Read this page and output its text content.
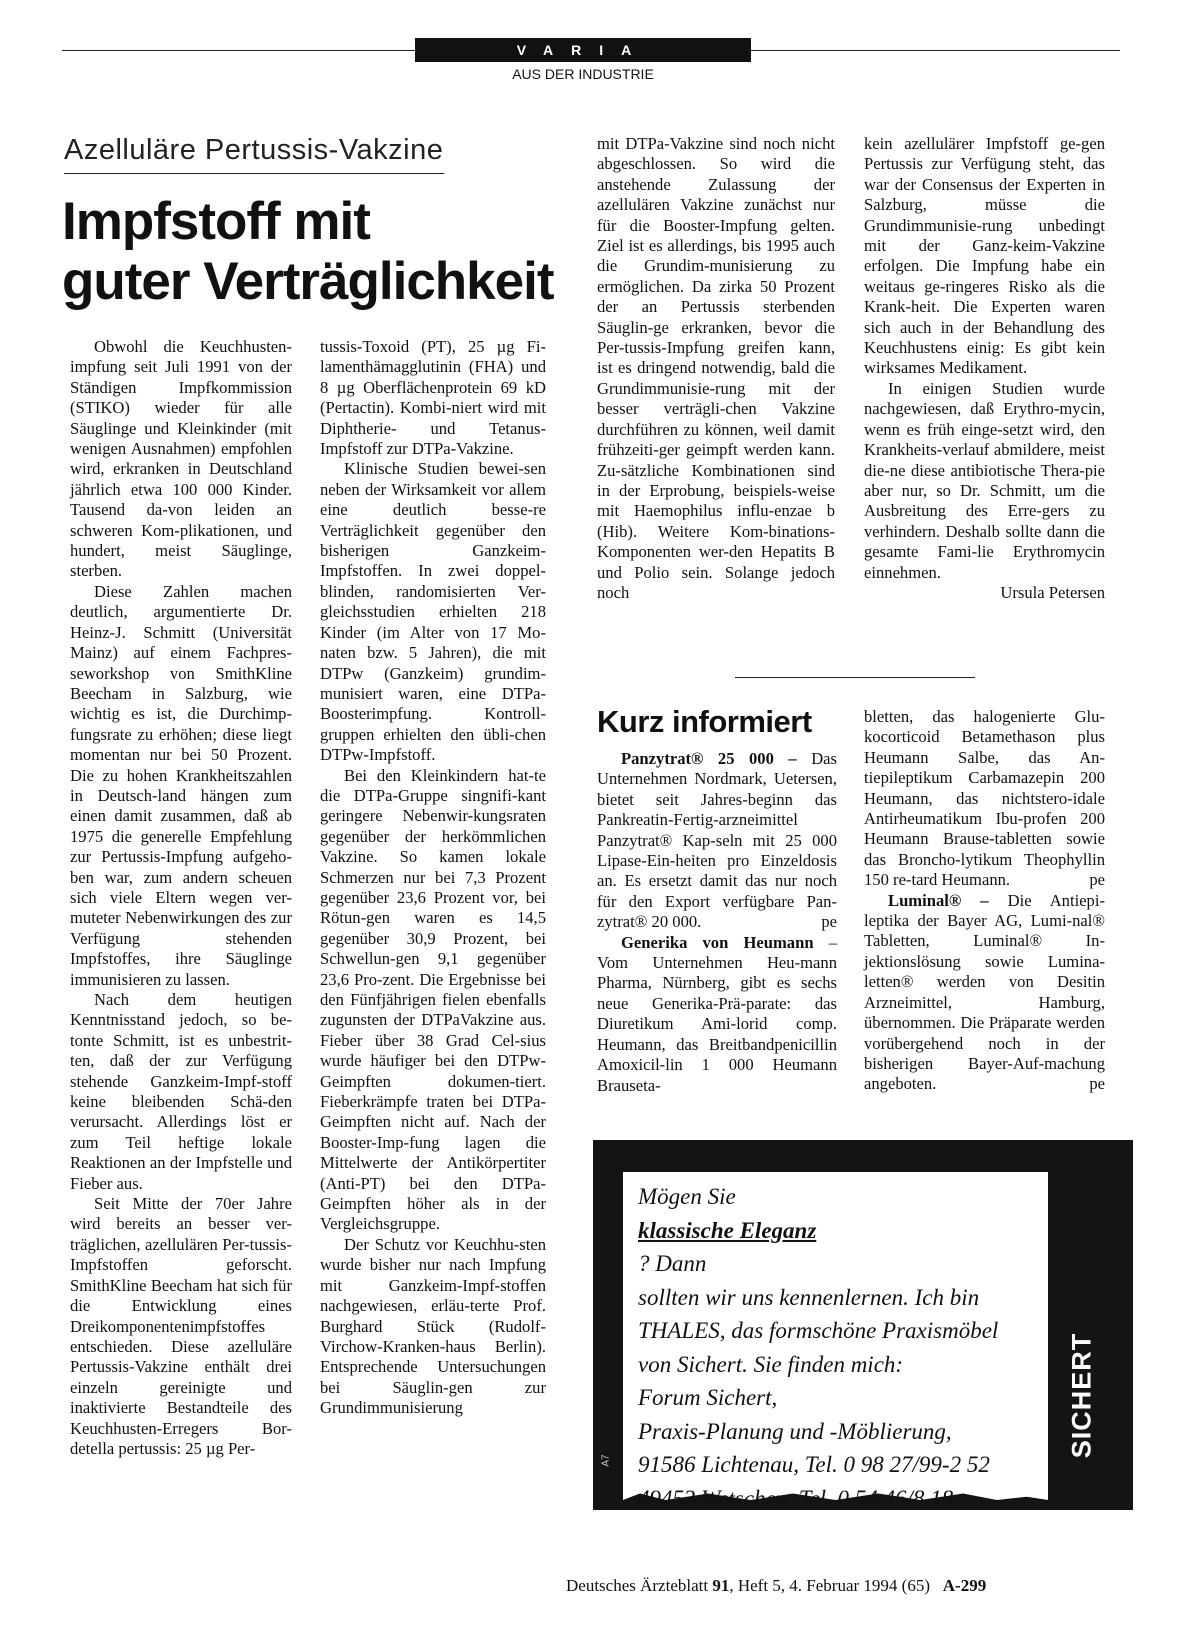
VARIA
AUS DER INDUSTRIE
Azelluläre Pertussis-Vakzine
Impfstoff mit
guter Verträglichkeit

Obwohl die Keuchhusten-impfung seit Juli 1991 von der Ständigen Impfkommission (STIKO) wieder für alle Säuglinge und Kleinkinder (mit wenigen Ausnahmen) empfohlen wird, erkranken in Deutschland jährlich etwa 100 000 Kinder. Tausend da-von leiden an schweren Kom-plikationen, und hundert, meist Säuglinge, sterben.

Diese Zahlen machen deutlich, argumentierte Dr. Heinz-J. Schmitt (Universität Mainz) auf einem Fachpres-seworkshop von SmithKline Beecham in Salzburg, wie wichtig es ist, die Durchimp-fungsrate zu erhöhen; diese liegt momentan nur bei 50 Prozent. Die zu hohen Krankheitszahlen in Deutsch-land hängen zum einen damit zusammen, daß ab 1975 die generelle Empfehlung zur Pertussis-Impfung aufgeho-ben war, zum andern scheuen sich viele Eltern wegen ver-muteter Nebenwirkungen des zur Verfügung stehenden Impfstoffes, ihre Säuglinge immunisieren zu lassen.

Nach dem heutigen Kenntnisstand jedoch, so be-tonte Schmitt, ist es unbestrit-ten, daß der zur Verfügung stehende Ganzkeim-Impf-stoff keine bleibenden Schä-den verursacht. Allerdings löst er zum Teil heftige lokale Reaktionen an der Impfstelle und Fieber aus.

Seit Mitte der 70er Jahre wird bereits an besser ver-träglichen, azellulären Per-tussis-Impfstoffen geforscht. SmithKline Beecham hat sich für die Entwicklung eines Dreikomponentenimpfstoffes entschieden. Diese azelluläre Pertussis-Vakzine enthält drei einzeln gereinigte und inaktivierte Bestandteile des Keuchhusten-Erregers Bor-detella pertussis: 25 µg Per-

tussis-Toxoid (PT), 25 µg Fi-lamenthämagglutinin (FHA) und 8 µg Oberflächenprotein 69 kD (Pertactin). Kombi-niert wird mit Diphtherie- und Tetanus-Impfstoff zur DTPa-Vakzine.

Klinische Studien bewei-sen neben der Wirksamkeit vor allem eine deutlich besse-re Verträglichkeit gegenüber den bisherigen Ganzkeim-Impfstoffen. In zwei doppel-blinden, randomisierten Ver-gleichsstudien erhielten 218 Kinder (im Alter von 17 Mo-naten bzw. 5 Jahren), die mit DTPw (Ganzkeim) grundim-munisiert waren, eine DTPa-Boosterimpfung. Kontroll-gruppen erhielten den übli-chen DTPw-Impfstoff.

Bei den Kleinkindern hat-te die DTPa-Gruppe singnifi-kant geringere Nebenwir-kungsraten gegenüber der herkömmlichen Vakzine. So kamen lokale Schmerzen nur bei 7,3 Prozent gegenüber 23,6 Prozent vor, bei Rötun-gen waren es 14,5 gegenüber 30,9 Prozent, bei Schwellun-gen 9,1 gegenüber 23,6 Pro-zent. Die Ergebnisse bei den Fünfjährigen fielen ebenfalls zugunsten der DTPaVakzine aus. Fieber über 38 Grad Cel-sius wurde häufiger bei den DTPw-Geimpften dokumen-tiert. Fieberkrämpfe traten bei DTPa-Geimpften nicht auf. Nach der Booster-Imp-fung lagen die Mittelwerte der Antikörpertiter (Anti-PT) bei den DTPa-Geimpften höher als in der Vergleichsgruppe.

Der Schutz vor Keuchhu-sten wurde bisher nur nach Impfung mit Ganzkeim-Impf-stoffen nachgewiesen, erläu-terte Prof. Burghard Stück (Rudolf-Virchow-Kranken-haus Berlin). Entsprechende Untersuchungen bei Säuglin-gen zur Grundimmunisierung

mit DTPa-Vakzine sind noch nicht abgeschlossen. So wird die anstehende Zulassung der azellulären Vakzine zunächst nur für die Booster-Impfung gelten. Ziel ist es allerdings, bis 1995 auch die Grundim-munisierung zu ermöglichen. Da zirka 50 Prozent der an Pertussis sterbenden Säuglin-ge erkranken, bevor die Per-tussis-Impfung greifen kann, ist es dringend notwendig, bald die Grundimmunisie-rung mit der besser verträgli-chen Vakzine durchführen zu können, weil damit frühzeiti-ger geimpft werden kann. Zu-sätzliche Kombinationen sind in der Erprobung, beispiels-weise mit Haemophilus influ-enzae b (Hib). Weitere Kom-binations-Komponenten wer-den Hepatits B und Polio sein. Solange jedoch noch

kein azellulärer Impfstoff ge-gen Pertussis zur Verfügung steht, das war der Consensus der Experten in Salzburg, müsse die Grundimmunisie-rung unbedingt mit der Ganz-keim-Vakzine erfolgen. Die Impfung habe ein weitaus ge-ringeres Risko als die Krank-heit. Die Experten waren sich auch in der Behandlung des Keuchhustens einig: Es gibt kein wirksames Medikament.

In einigen Studien wurde nachgewiesen, daß Erythro-mycin, wenn es früh einge-setzt wird, den Krankheits-verlauf abmildere, meist die-ne diese antibiotische Thera-pie aber nur, so Dr. Schmitt, um die Ausbreitung des Erre-gers zu verhindern. Deshalb sollte dann die gesamte Fami-lie Erythromycin einnehmen.

Ursula Petersen
Kurz informiert

Panzytrat® 25 000 – Das Unternehmen Nordmark, Uetersen, bietet seit Jahres-beginn das Pankreatin-Fertig-arzneimittel Panzytrat® Kap-seln mit 25 000 Lipase-Ein-heiten pro Einzeldosis an. Es ersetzt damit das nur noch für den Export verfügbare Pan-zytrat® 20 000.	pe

Generika von Heumann – Vom Unternehmen Heu-mann Pharma, Nürnberg, gibt es sechs neue Generika-Prä-parate: das Diuretikum Ami-lorid comp. Heumann, das Breitbandpenicillin Amoxicil-lin 1 000 Heumann Brauseta-

bletten, das halogenierte Glu-kocorticoid Betamethason plus Heumann Salbe, das An-tiepileptikum Carbamazepin 200 Heumann, das nichtstero-idale Antirheumatikum Ibu-profen 200 Heumann Brause-tabletten sowie das Broncho-lytikum Theophyllin 150 re-tard Heumann.	pe

Luminal® – Die Antiepi-leptika der Bayer AG, Lumi-nal® Tabletten, Luminal® In-jektionslösung sowie Lumina-letten® werden von Desitin Arzneimittel, Hamburg, übernommen. Die Präparate werden vorübergehend noch in der bisherigen Bayer-Auf-machung angeboten.	pe

Mögen Sie
klassische Eleganz
? Dann
sollten wir uns kennenlernen. Ich bin
THALES, das formschöne Praxismöbel
von Sichert. Sie finden mich:
Forum Sichert,
Praxis-Planung und -Möblierung,
91586 Lichtenau, Tel. 0 98 27/99-2 52
49453 Wetschen, Tel. 0 54 46/8 18
SICHERT
A7
Deutsches Ärzteblatt 91, Heft 5, 4. Februar 1994 (65) A-299
